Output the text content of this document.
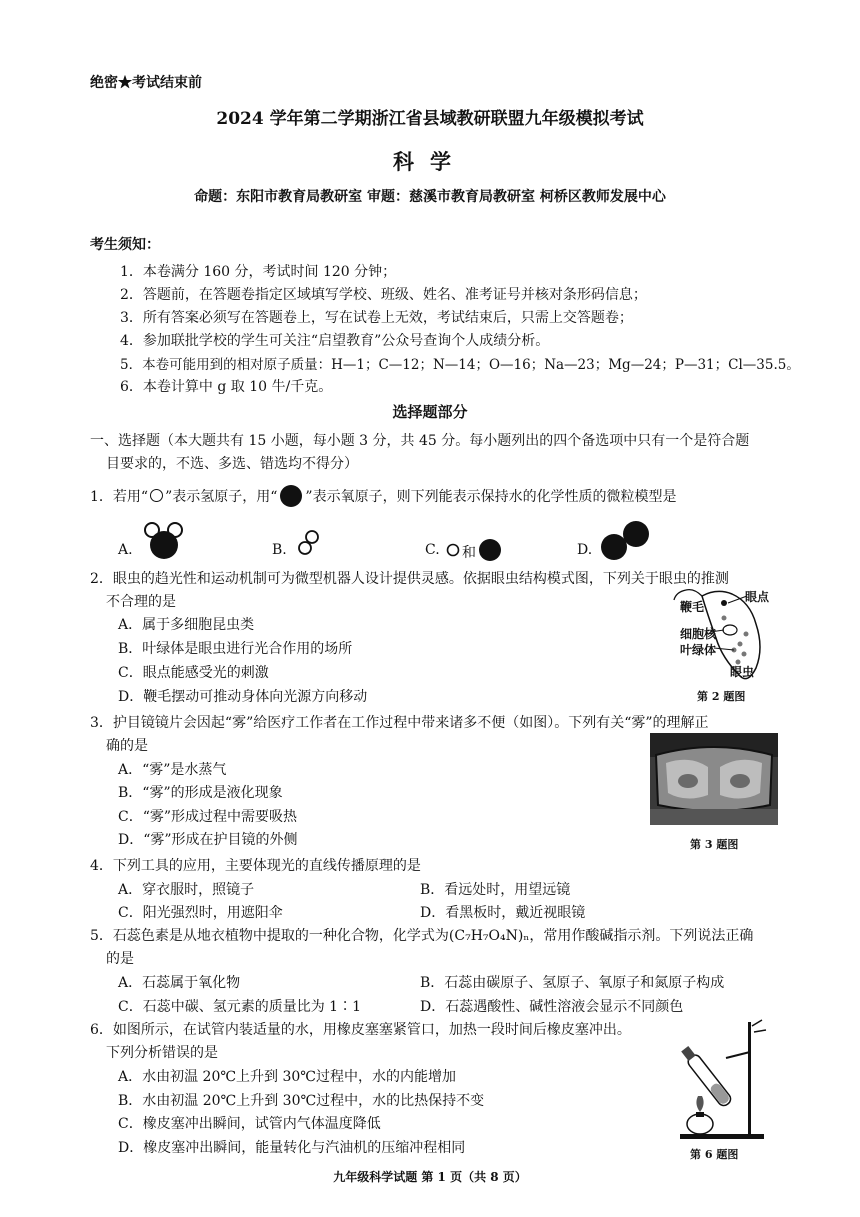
绝密★考试结束前
2024 学年第二学期浙江省县域教研联盟九年级模拟考试
科学
命题：东阳市教育局教研室 审题：慈溪市教育局教研室 柯桥区教师发展中心
考生须知：
1．本卷满分 160 分，考试时间 120 分钟；
2．答题前，在答题卷指定区域填写学校、班级、姓名、准考证号并核对条形码信息；
3．所有答案必须写在答题卷上，写在试卷上无效，考试结束后，只需上交答题卷；
4．参加联批学校的学生可关注“启望教育”公众号查询个人成绩分析。
5．本卷可能用到的相对原子质量：H—1；C—12；N—14；O—16；Na—23；Mg—24；P—31；Cl—35.5。
6．本卷计算中 g 取 10 牛/千克。
选择题部分
一、选择题（本大题共有 15 小题，每小题 3 分，共 45 分。每小题列出的四个备选项中只有一个是符合题
目要求的，不选、多选、错选均不得分）
1．若用“ ”表示氢原子，用“ ”表示氧原子，则下列能表示保持水的化学性质的微粒模型是
A.	B.	C. 和	D.
2．眼虫的趋光性和运动机制可为微型机器人设计提供灵感。依据眼虫结构模式图，下列关于眼虫的推测
不合理的是
A．属于多细胞昆虫类
B．叶绿体是眼虫进行光合作用的场所
C．眼点能感受光的刺激
D．鞭毛摆动可推动身体向光源方向移动
鞭毛
眼点
细胞核
叶绿体
眼虫
第 2 题图
3．护目镜镜片会因起“雾”给医疗工作者在工作过程中带来诸多不便（如图）。下列有关“雾”的理解正
确的是
A．“雾”是水蒸气
B．“雾”的形成是液化现象
C．“雾”形成过程中需要吸热
D．“雾”形成在护目镜的外侧	第 3 题图
4．下列工具的应用，主要体现光的直线传播原理的是
A．穿衣服时，照镜子	B．看远处时，用望远镜
C．阳光强烈时，用遮阳伞	D．看黑板时，戴近视眼镜
5．石蕊色素是从地衣植物中提取的一种化合物，化学式为(C₇H₇O₄N)ₙ，常用作酸碱指示剂。下列说法正确
的是
A．石蕊属于氧化物	B．石蕊由碳原子、氢原子、氧原子和氮原子构成
C．石蕊中碳、氢元素的质量比为 1∶1	D．石蕊遇酸性、碱性溶液会显示不同颜色
6．如图所示，在试管内装适量的水，用橡皮塞塞紧管口，加热一段时间后橡皮塞冲出。
下列分析错误的是
A．水由初温 20℃上升到 30℃过程中，水的内能增加
B．水由初温 20℃上升到 30℃过程中，水的比热保持不变
C．橡皮塞冲出瞬间，试管内气体温度降低
D．橡皮塞冲出瞬间，能量转化与汽油机的压缩冲程相同	第 6 题图
九年级科学试题 第 1 页（共 8 页）
